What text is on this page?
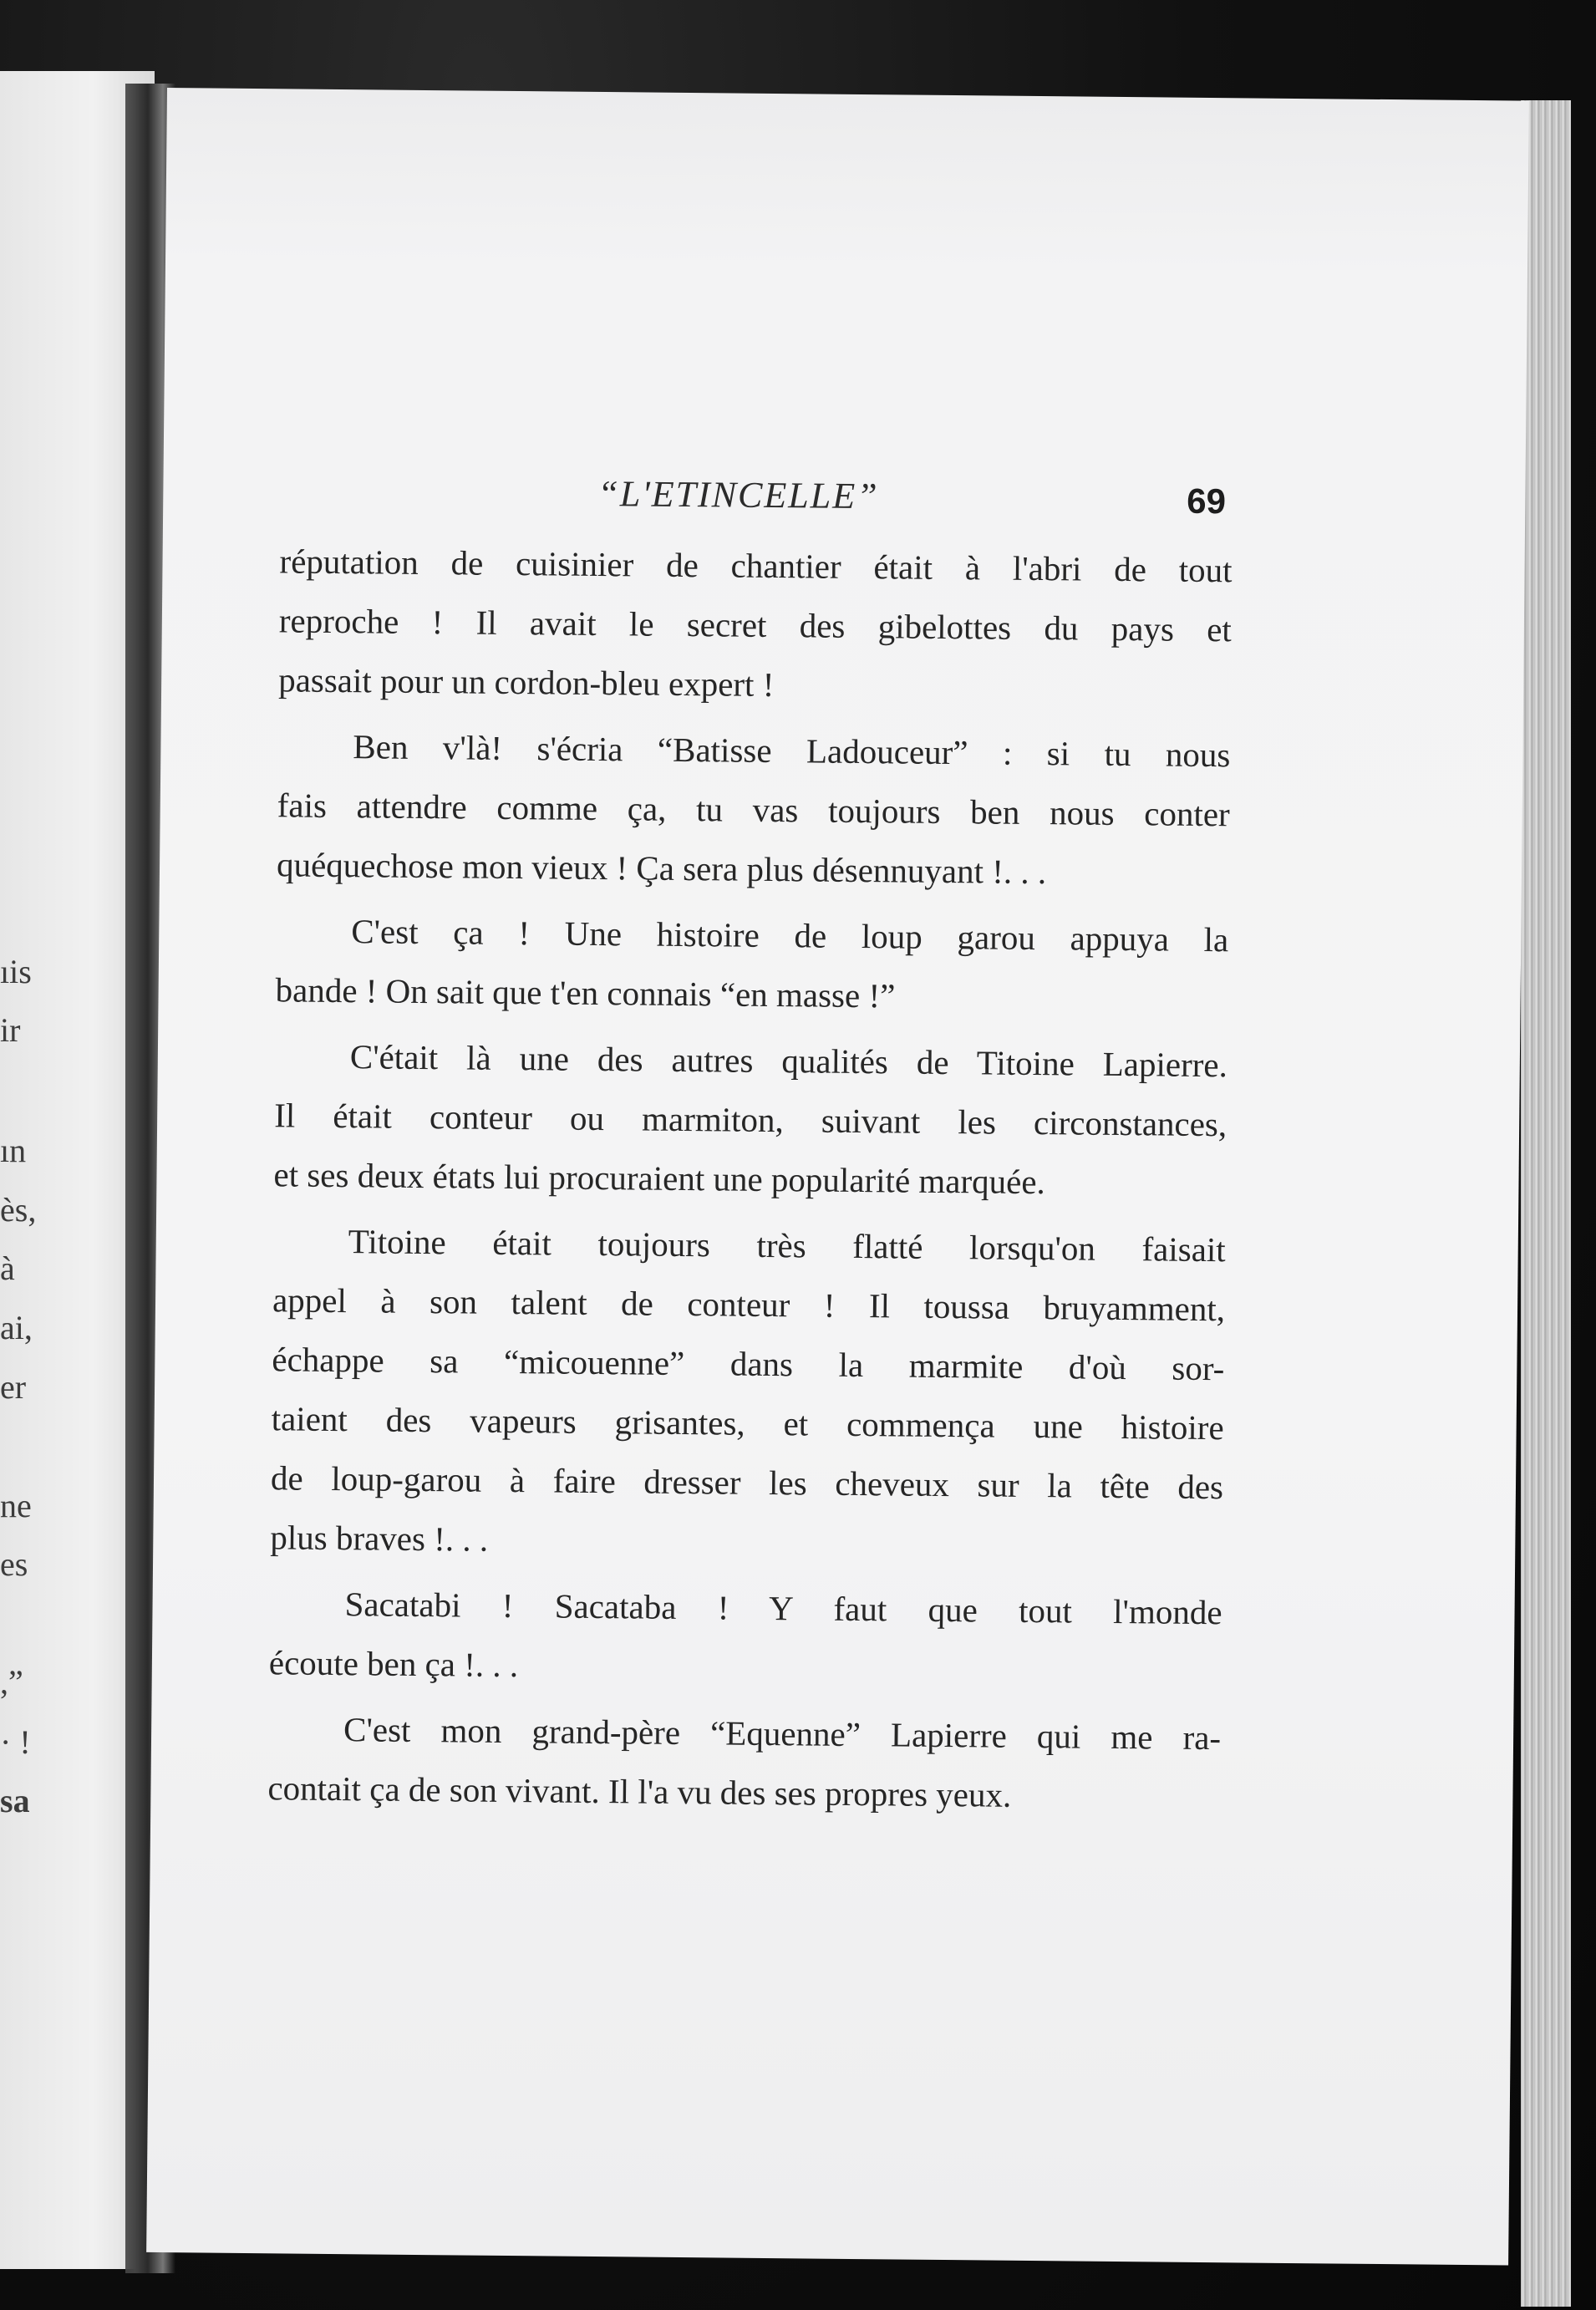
ıis
ir
ın
ès,
à
ai,
er
ne
es
,”
· !
sa
“L'ETINCELLE”	69
réputation de cuisinier de chantier était à l'abri de tout
reproche ! Il avait le secret des gibelottes du pays et
passait pour un cordon-bleu expert !
Ben v'là! s'écria “Batisse Ladouceur” : si tu nous
fais attendre comme ça, tu vas toujours ben nous conter
quéquechose mon vieux ! Ça sera plus désennuyant !. . .
C'est ça ! Une histoire de loup garou appuya la
bande ! On sait que t'en connais “en masse !”
C'était là une des autres qualités de Titoine Lapierre.
Il était conteur ou marmiton, suivant les circonstances,
et ses deux états lui procuraient une popularité marquée.
Titoine était toujours très flatté lorsqu'on faisait
appel à son talent de conteur ! Il toussa bruyamment,
échappe sa “micouenne” dans la marmite d'où sor-
taient des vapeurs grisantes, et commença une histoire
de loup-garou à faire dresser les cheveux sur la tête des
plus braves !. . .
Sacatabi ! Sacataba ! Y faut que tout l'monde
écoute ben ça !. . .
C'est mon grand-père “Equenne” Lapierre qui me ra-
contait ça de son vivant. Il l'a vu des ses propres yeux.
